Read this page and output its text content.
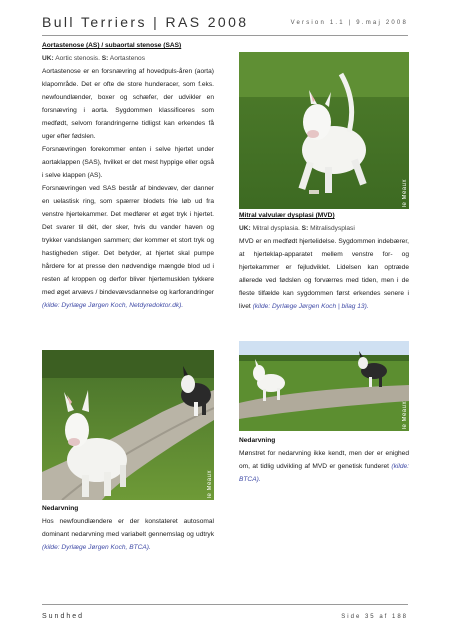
Bull Terriers | RAS 2008	Version 1.1 | 9.maj 2008
Aortastenose (AS) / subaortal stenose (SAS)
UK: Aortic stenosis. S: Aortastenos

Aortastenose er en forsnævring af hovedpuls-åren (aorta) klapområde. Det er ofte de store hunderacer, som f.eks. newfoundlænder, boxer og schæfer, der udvikler en forsnævring i aorta. Sygdommen klassificeres som medfødt, selvom forandringerne tidligst kan erkendes få uger efter fødslen.

Forsnævringen forekommer enten i selve hjertet under aortaklappen (SAS), hvilket er det mest hyppige eller også i selve klappen (AS).

Forsnævringen ved SAS består af bindevæv, der danner en uelastisk ring, som spærrer blodets frie løb ud fra venstre hjertekammer. Det medfører et øget tryk i hjertet. Det svarer til dét, der sker, hvis du vander haven og trykker vandslangen sammen; der kommer et stort tryk og hastigheden stiger. Det betyder, at hjertet skal pumpe hårdere for at presse den nødvendige mængde blod ud i resten af kroppen og derfor bliver hjertemusklen tykkere med øget arvævs / bindevævsdannelse og karforandringer (kilde: Dyrlæge Jørgen Koch, Netdyredoktor.dk).

le Meaux
Nedarvning

Hos newfoundlændere er der konstateret autosomal dominant nedarvning med variabelt gennemslag og udtryk (kilde: Dyrlæge Jørgen Koch, BTCA).

le Meaux
Mitral valvulær dysplasi (MVD)
UK: Mitral dysplasia. S: Mitralisdysplasi

MVD er en medfødt hjertelidelse. Sygdommen indebærer, at hjerteklap-apparatet mellem venstre for- og hjertekammer er fejludviklet. Lidelsen kan optræde allerede ved fødslen og forværres med tiden, men i de fleste tilfælde kan sygdommen først erkendes senere i livet (kilde: Dyrlæge Jørgen Koch | bilag 13).

le Meaux
Nedarvning

Mønstret for nedarvning ikke kendt, men der er enighed om, at tidlig udvikling af MVD er genetisk funderet (kilde: BTCA).

Sundhed	Side 35 af 188
